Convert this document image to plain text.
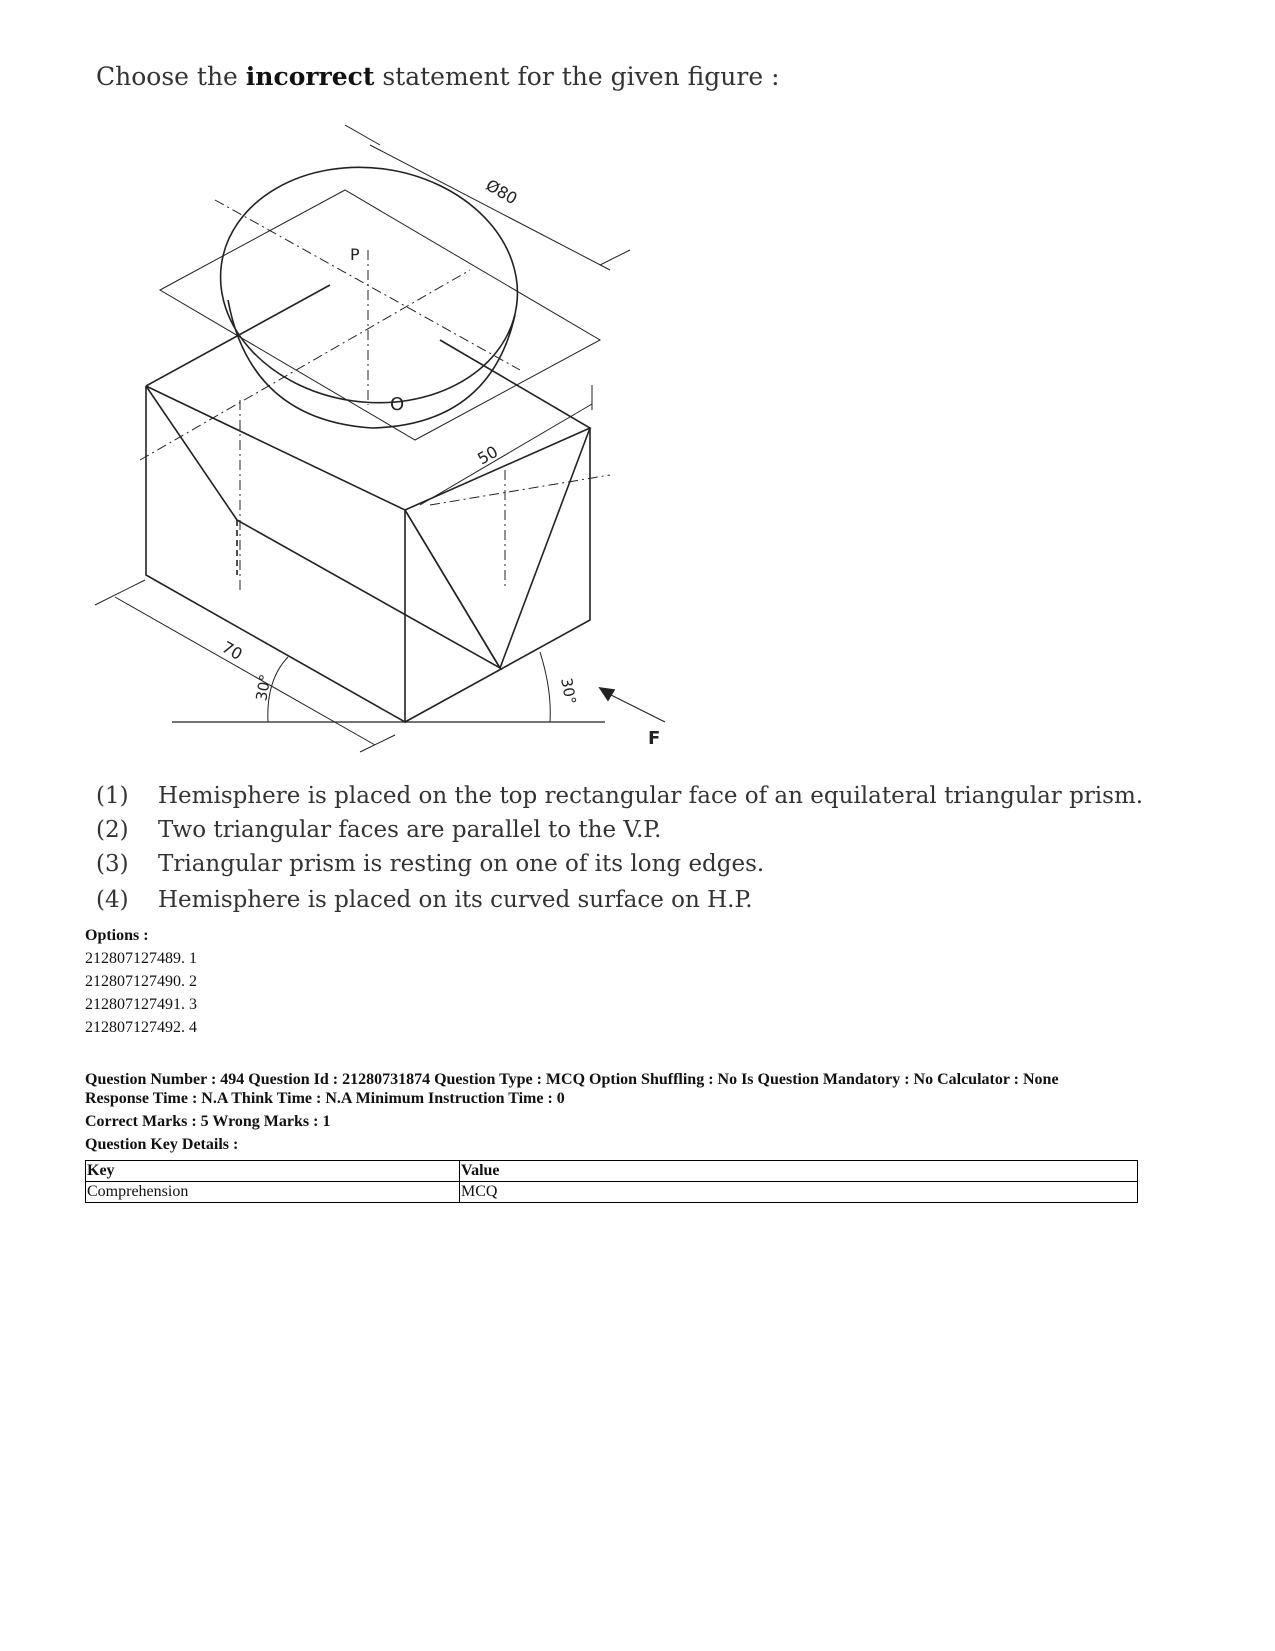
Choose the incorrect statement for the given figure :
Ø80
P
O
50
70
30°	30°
F
(1) Hemisphere is placed on the top rectangular face of an equilateral triangular prism.
(2) Two triangular faces are parallel to the V.P.
(3) Triangular prism is resting on one of its long edges.
(4) Hemisphere is placed on its curved surface on H.P.
Options :
212807127489. 1
212807127490. 2
212807127491. 3
212807127492. 4
Question Number : 494 Question Id : 21280731874 Question Type : MCQ Option Shuffling : No Is Question Mandatory : No Calculator : None
Response Time : N.A Think Time : N.A Minimum Instruction Time : 0
Correct Marks : 5 Wrong Marks : 1
Question Key Details :
Key	Value
Comprehension	MCQ
